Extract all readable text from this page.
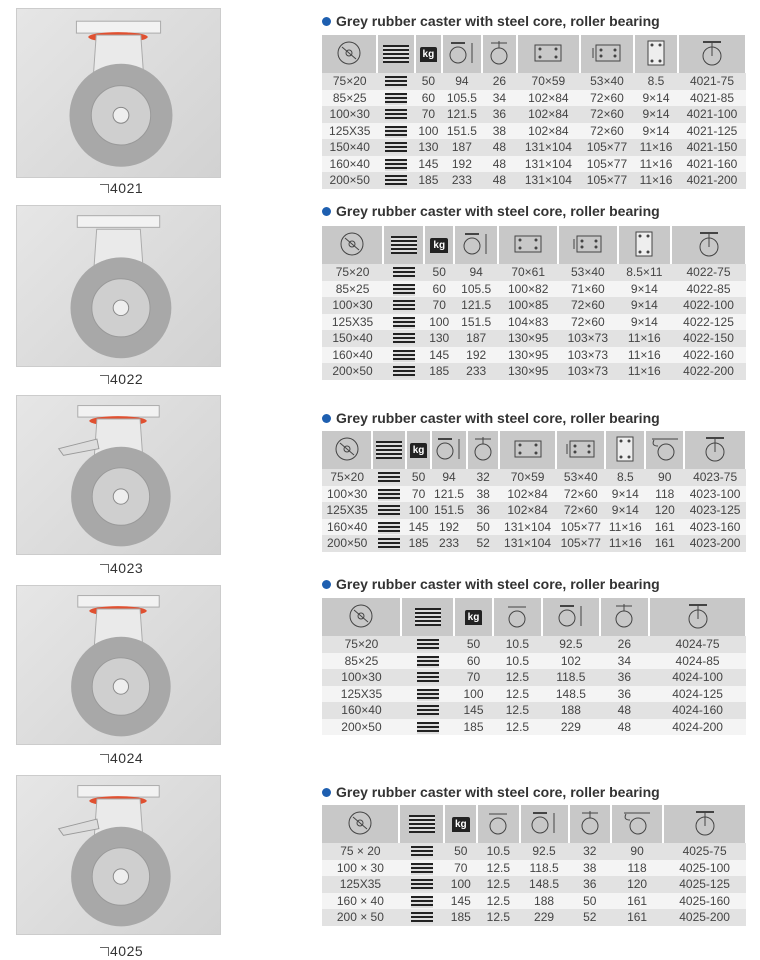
4021
Grey rubber caster with steel core, roller bearing
		kg						
75×20		50	94	26	70×59	53×40	8.5	4021-75
85×25		60	105.5	34	102×84	72×60	9×14	4021-85
100×30		70	121.5	36	102×84	72×60	9×14	4021-100
125X35		100	151.5	38	102×84	72×60	9×14	4021-125
150×40		130	187	48	131×104	105×77	11×16	4021-150
160×40		145	192	48	131×104	105×77	11×16	4021-160
200×50		185	233	48	131×104	105×77	11×16	4021-200
4022
Grey rubber caster with steel core, roller bearing
		kg					
75×20		50	94	70×61	53×40	8.5×11	4022-75
85×25		60	105.5	100×82	71×60	9×14	4022-85
100×30		70	121.5	100×85	72×60	9×14	4022-100
125X35		100	151.5	104×83	72×60	9×14	4022-125
150×40		130	187	130×95	103×73	11×16	4022-150
160×40		145	192	130×95	103×73	11×16	4022-160
200×50		185	233	130×95	103×73	11×16	4022-200
4023
Grey rubber caster with steel core, roller bearing
		kg							
75×20		50	94	32	70×59	53×40	8.5	90	4023-75
100×30		70	121.5	38	102×84	72×60	9×14	118	4023-100
125X35		100	151.5	36	102×84	72×60	9×14	120	4023-125
160×40		145	192	50	131×104	105×77	11×16	161	4023-160
200×50		185	233	52	131×104	105×77	11×16	161	4023-200
4024
Grey rubber caster with steel core, roller bearing
		kg				
75×20		50	10.5	92.5	26	4024-75
85×25		60	10.5	102	34	4024-85
100×30		70	12.5	118.5	36	4024-100
125X35		100	12.5	148.5	36	4024-125
160×40		145	12.5	188	48	4024-160
200×50		185	12.5	229	48	4024-200
4025
Grey rubber caster with steel core, roller bearing
		kg					
75 × 20		50	10.5	92.5	32	90	4025-75
100 × 30		70	12.5	118.5	38	118	4025-100
125X35		100	12.5	148.5	36	120	4025-125
160 × 40		145	12.5	188	50	161	4025-160
200 × 50		185	12.5	229	52	161	4025-200
